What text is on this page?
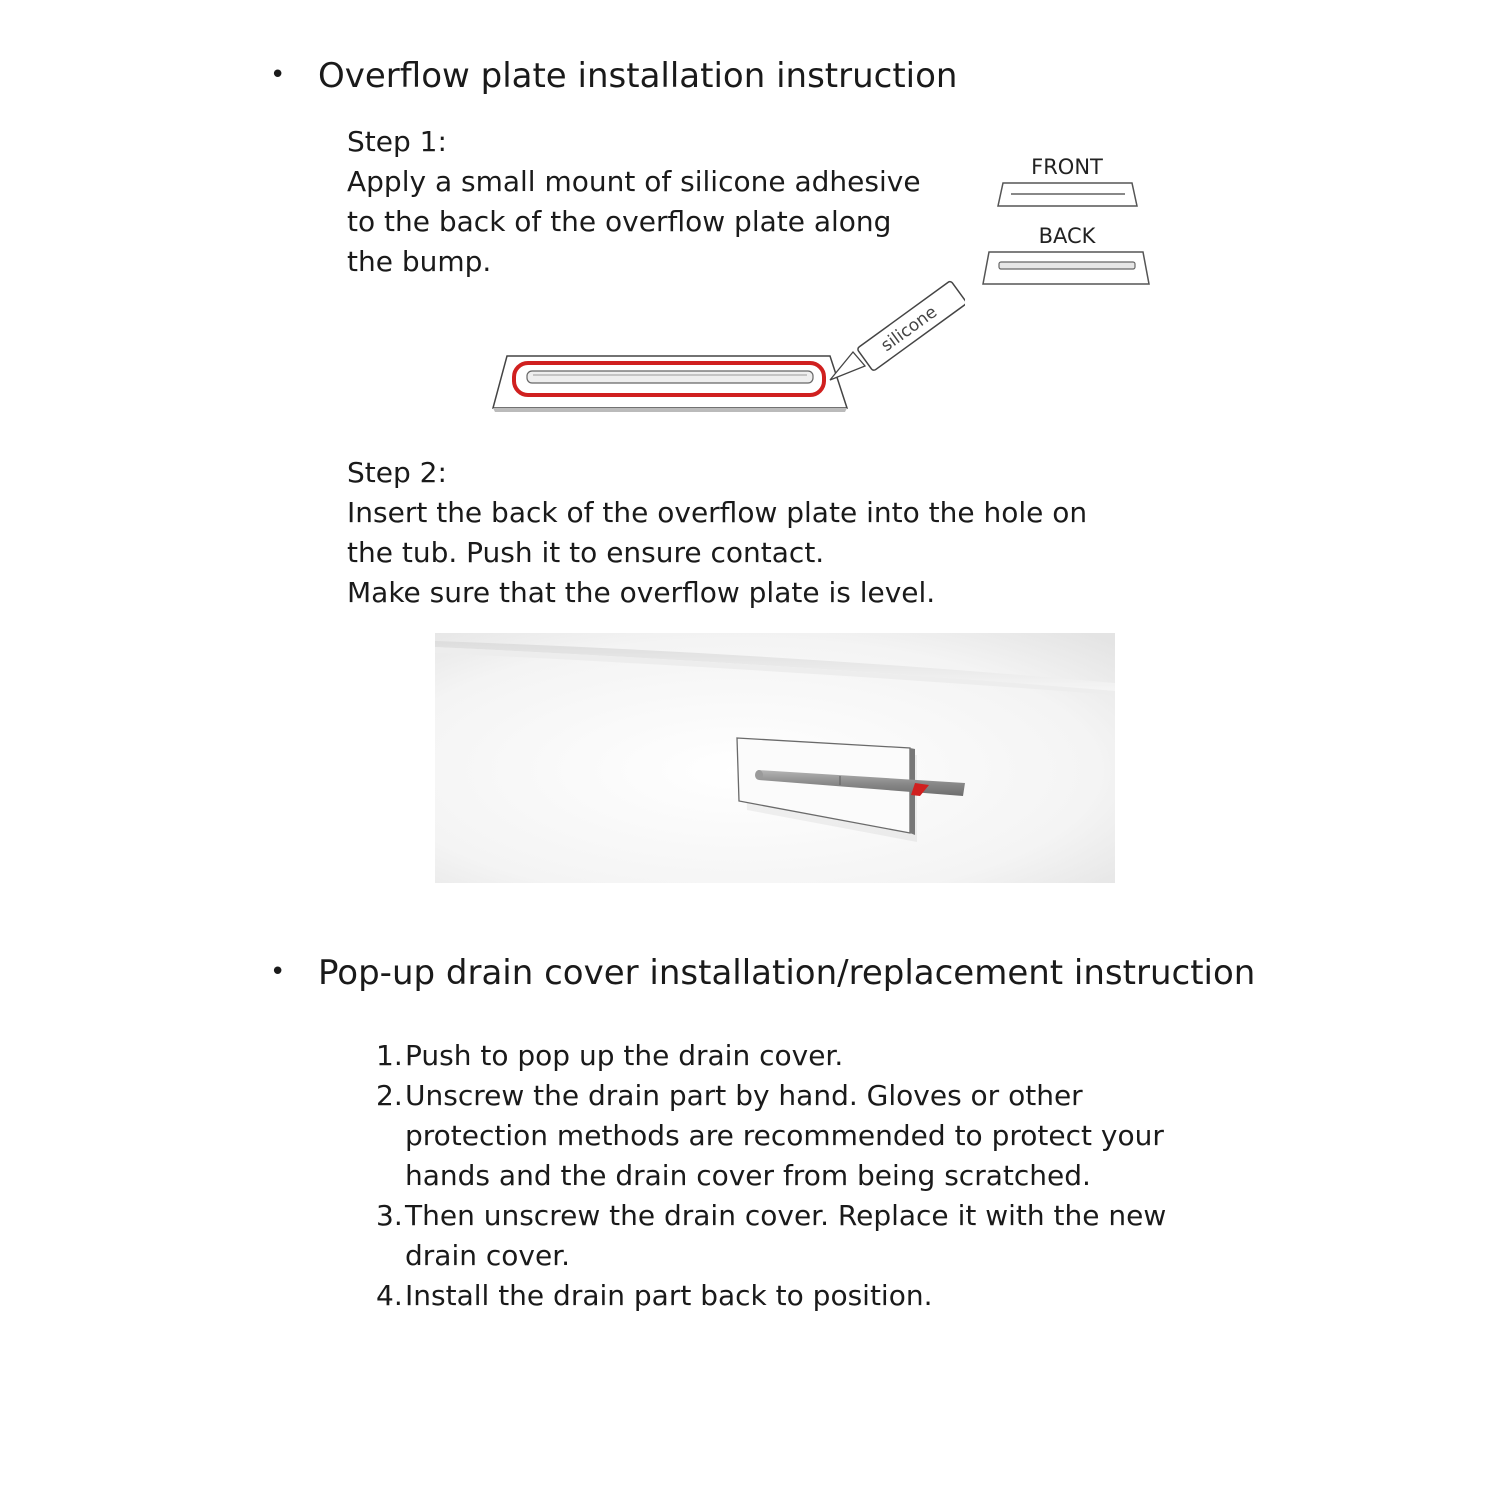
• Overflow plate installation instruction
Step 1:
Apply a small mount of silicone adhesive
to the back of the overflow plate along
the bump.
FRONT
BACK
silicone
Step 2:
Insert the back of the overflow plate into the hole on
the tub. Push it to ensure contact.
Make sure that the overflow plate is level.
• Pop-up drain cover installation/replacement instruction
1. Push to pop up the drain cover.
2. Unscrew the drain part by hand. Gloves or other
protection methods are recommended to protect your
hands and the drain cover from being scratched.
3. Then unscrew the drain cover. Replace it with the new
drain cover.
4. Install the drain part back to position.
